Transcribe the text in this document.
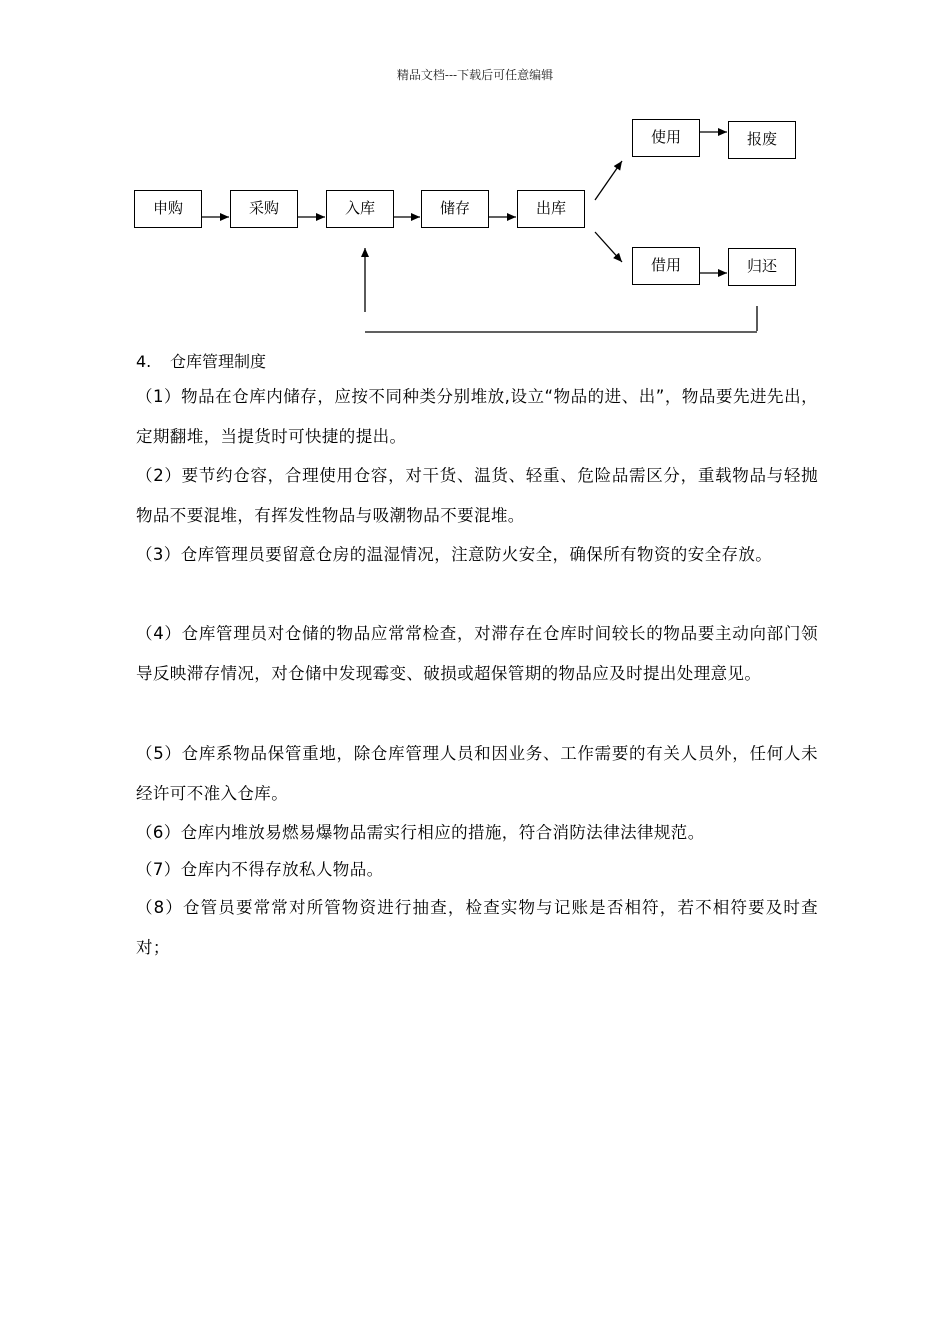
精品文档---下载后可任意编辑
申购	采购	入库	储存	出库
使用	报废
借用	归还
4. 仓库管理制度
（1）物品在仓库内储存，应按不同种类分别堆放,设立“物品的进、出”，物品要先进先出，定期翻堆，当提货时可快捷的提出。
（2）要节约仓容，合理使用仓容，对干货、温货、轻重、危险品需区分，重载物品与轻抛物品不要混堆，有挥发性物品与吸潮物品不要混堆。
（3）仓库管理员要留意仓房的温湿情况，注意防火安全，确保所有物资的安全存放。
（4）仓库管理员对仓储的物品应常常检查，对滞存在仓库时间较长的物品要主动向部门领导反映滞存情况，对仓储中发现霉变、破损或超保管期的物品应及时提出处理意见。
（5）仓库系物品保管重地，除仓库管理人员和因业务、工作需要的有关人员外，任何人未经许可不准入仓库。
（6）仓库内堆放易燃易爆物品需实行相应的措施，符合消防法律法律规范。
（7）仓库内不得存放私人物品。
（8）仓管员要常常对所管物资进行抽查，检查实物与记账是否相符，若不相符要及时查对；
